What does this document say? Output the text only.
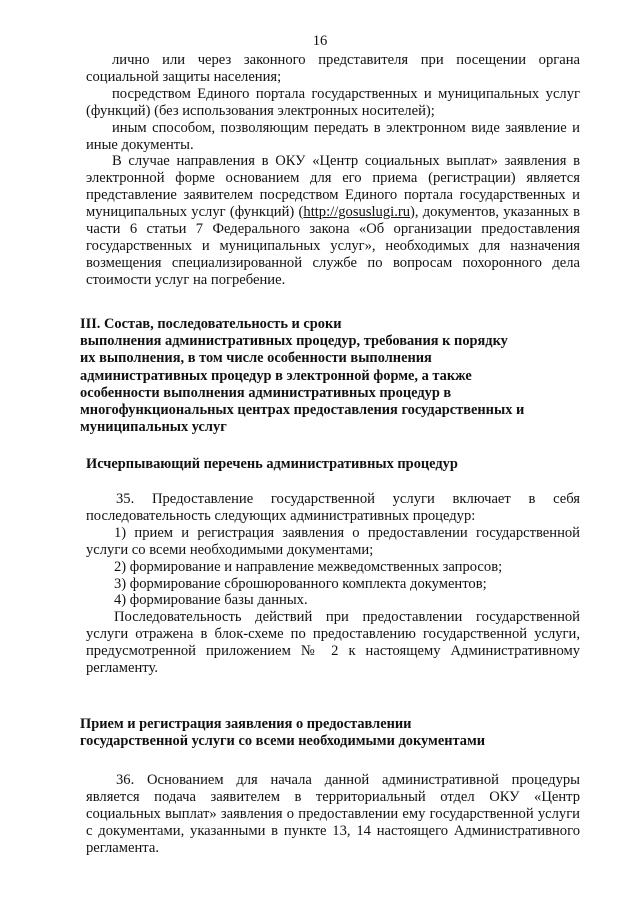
16

лично или через законного представителя при посещении органа социальной защиты населения;

посредством Единого портала государственных и муниципальных услуг (функций) (без использования электронных носителей);

иным способом, позволяющим передать в электронном виде заявление и иные документы.

В случае направления в ОКУ «Центр социальных выплат» заявления в электронной форме основанием для его приема (регистрации) является представление заявителем посредством Единого портала государственных и муниципальных услуг (функций) (http://gosuslugi.ru), документов, указанных в части 6 статьи 7 Федерального закона «Об организации предоставления государственных и муниципальных услуг», необходимых для назначения возмещения специализированной службе по вопросам похоронного дела стоимости услуг на погребение.

III. Состав, последовательность и сроки

выполнения административных процедур, требования к порядку

их выполнения, в том числе особенности выполнения

административных процедур в электронной форме, а также

особенности выполнения административных процедур в

многофункциональных центрах предоставления государственных и

муниципальных услуг

Исчерпывающий перечень административных процедур

35. Предоставление государственной услуги включает в себя последовательность следующих административных процедур:

1) прием и регистрация заявления о предоставлении государственной услуги со всеми необходимыми документами;

2) формирование и направление межведомственных запросов;

3) формирование сброшюрованного комплекта документов;

4) формирование базы данных.

Последовательность действий при предоставлении государственной услуги отражена в блок-схеме по предоставлению государственной услуги, предусмотренной приложением № 2 к настоящему Административному регламенту.

Прием и регистрация заявления о предоставлении

государственной услуги со всеми необходимыми документами

36. Основанием для начала данной административной процедуры является подача заявителем в территориальный отдел ОКУ «Центр социальных выплат» заявления о предоставлении ему государственной услуги с документами, указанными в пункте 13, 14 настоящего Административного регламента.
